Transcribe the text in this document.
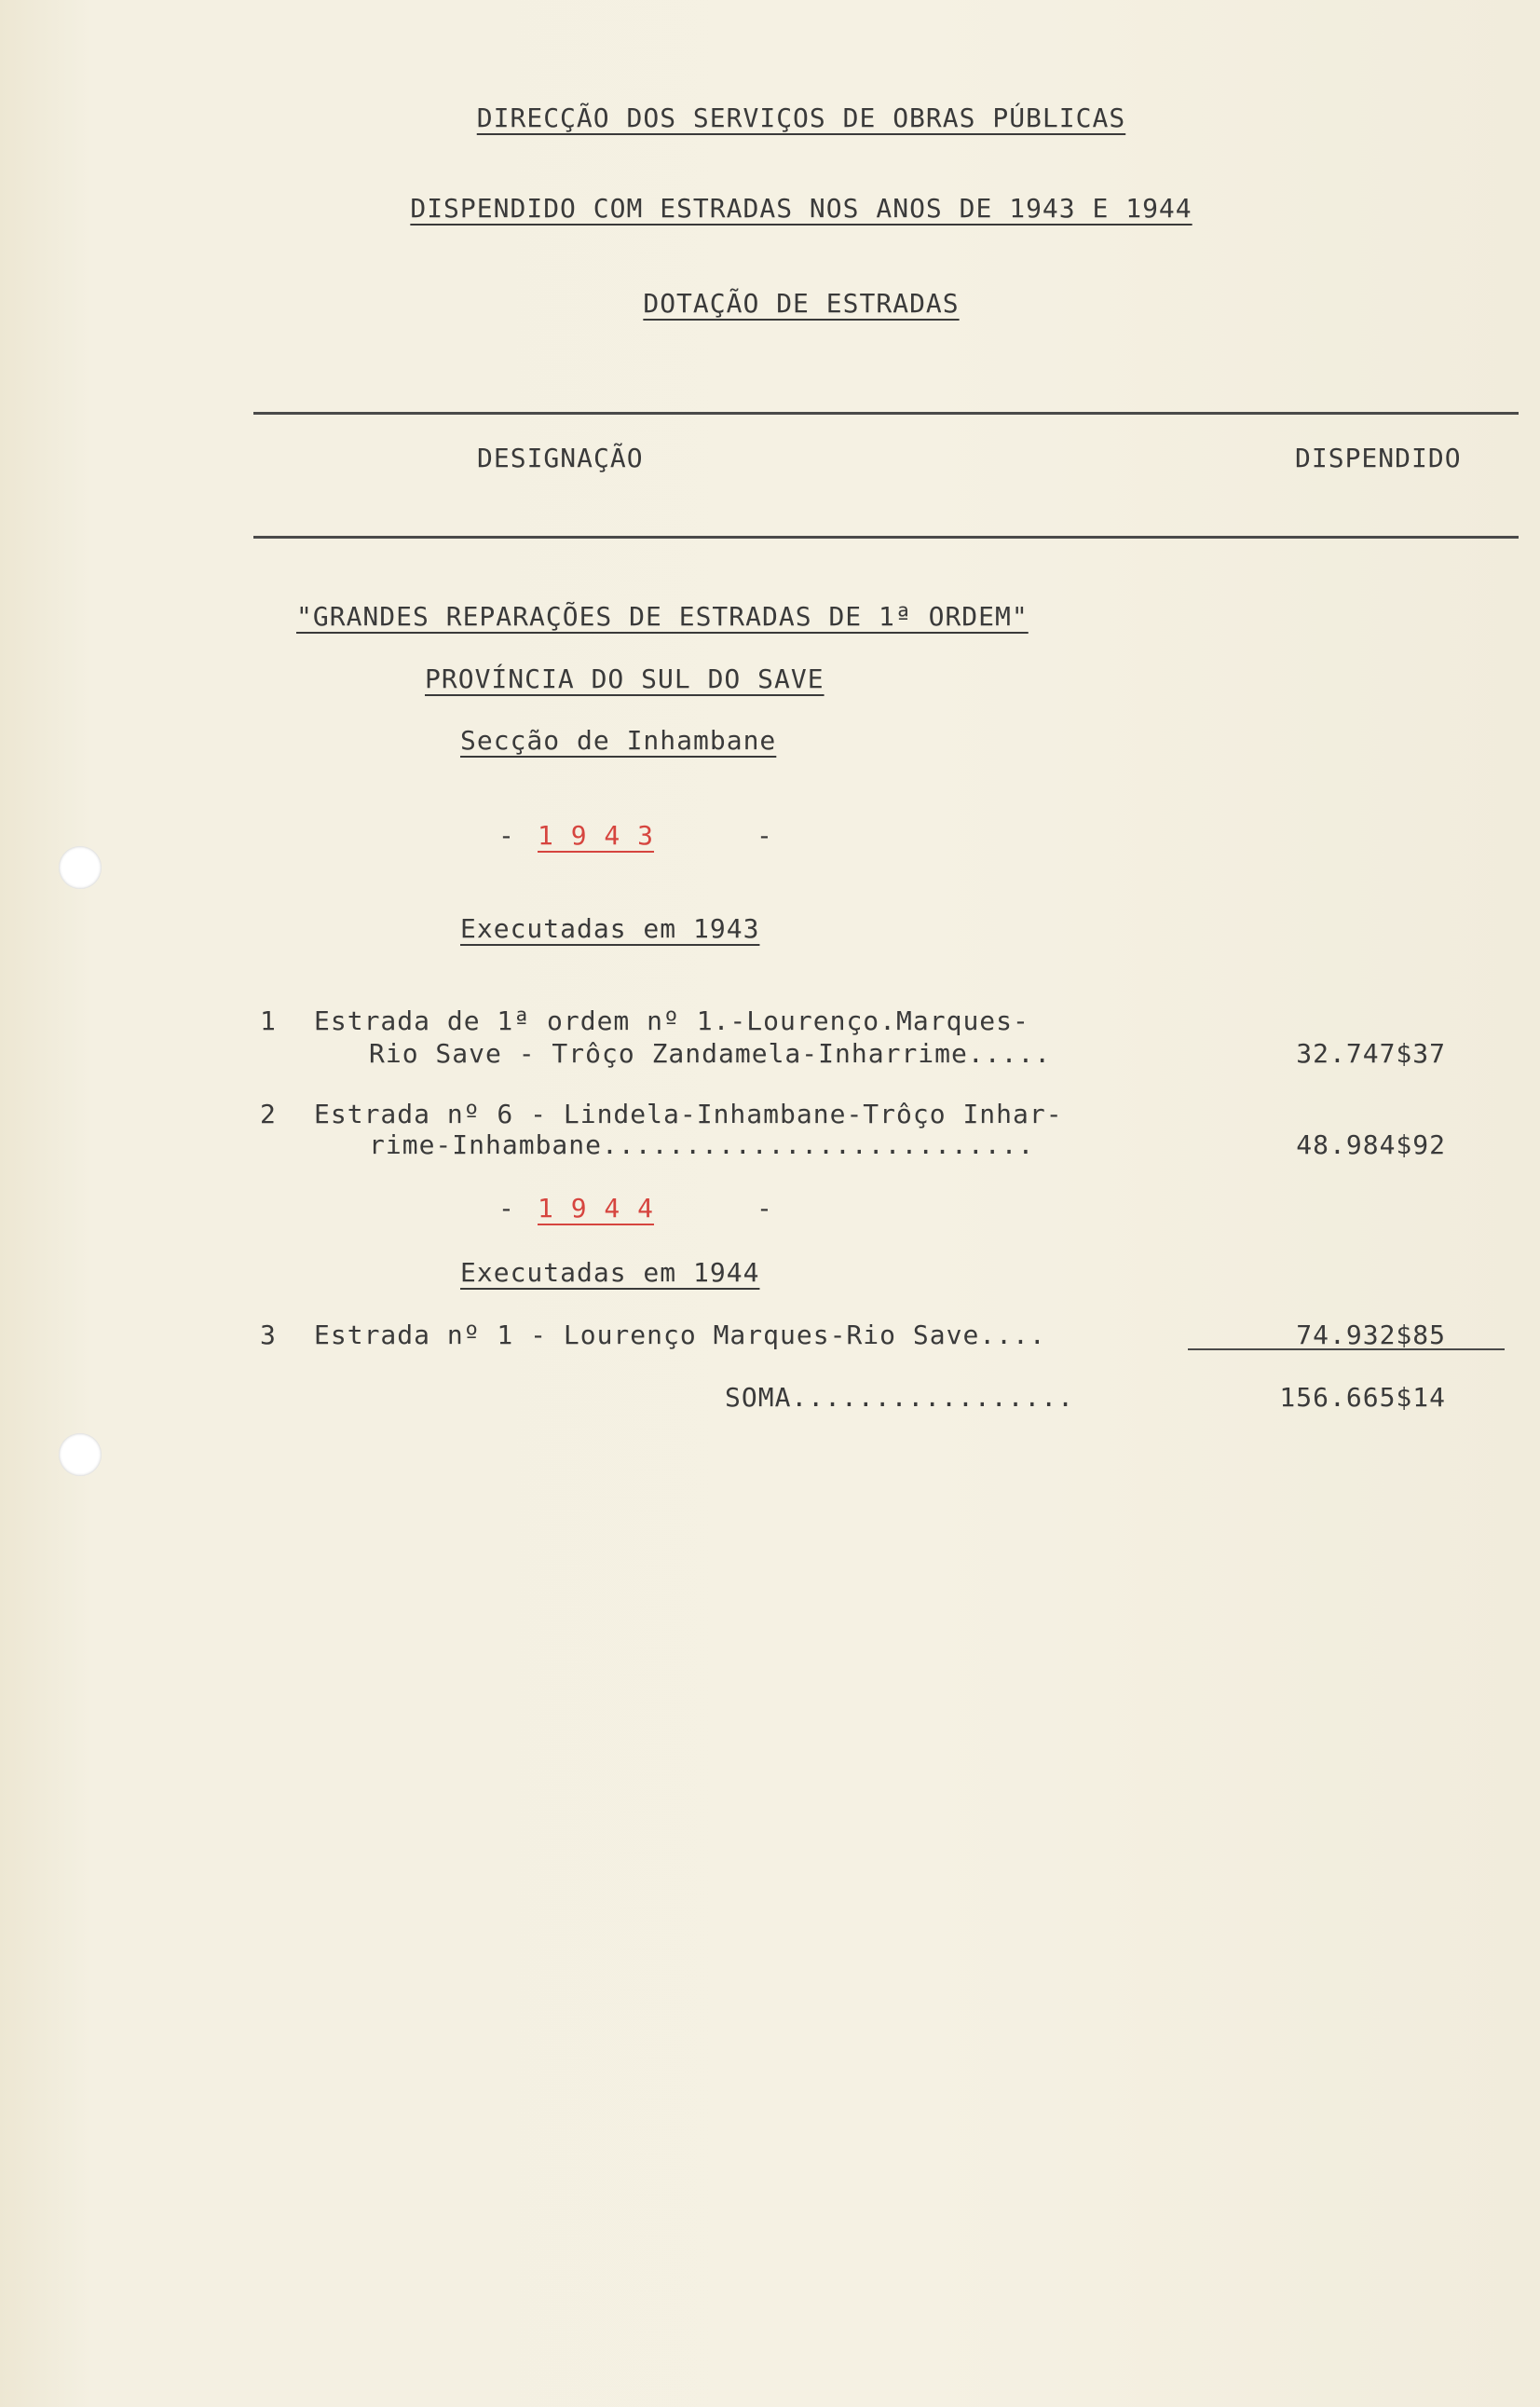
DIRECÇÃO DOS SERVIÇOS DE OBRAS PÚBLICAS
DISPENDIDO COM ESTRADAS NOS ANOS DE 1943 E 1944
DOTAÇÃO DE ESTRADAS
DESIGNAÇÃO	DISPENDIDO
"GRANDES REPARAÇÕES DE ESTRADAS DE 1ª ORDEM"
PROVÍNCIA DO SUL DO SAVE
Secção de Inhambane
- 1 9 4 3	-
Executadas em 1943
1 Estrada de 1ª ordem nº 1.-Lourenço.Marques-
Rio Save - Trôço Zandamela-Inharrime.....	32.747$37
2 Estrada nº 6 - Lindela-Inhambane-Trôço Inhar-
rime-Inhambane..........................	48.984$92
- 1 9 4 4	-
Executadas em 1944
3 Estrada nº 1 - Lourenço Marques-Rio Save....	74.932$85
SOMA.................	156.665$14
